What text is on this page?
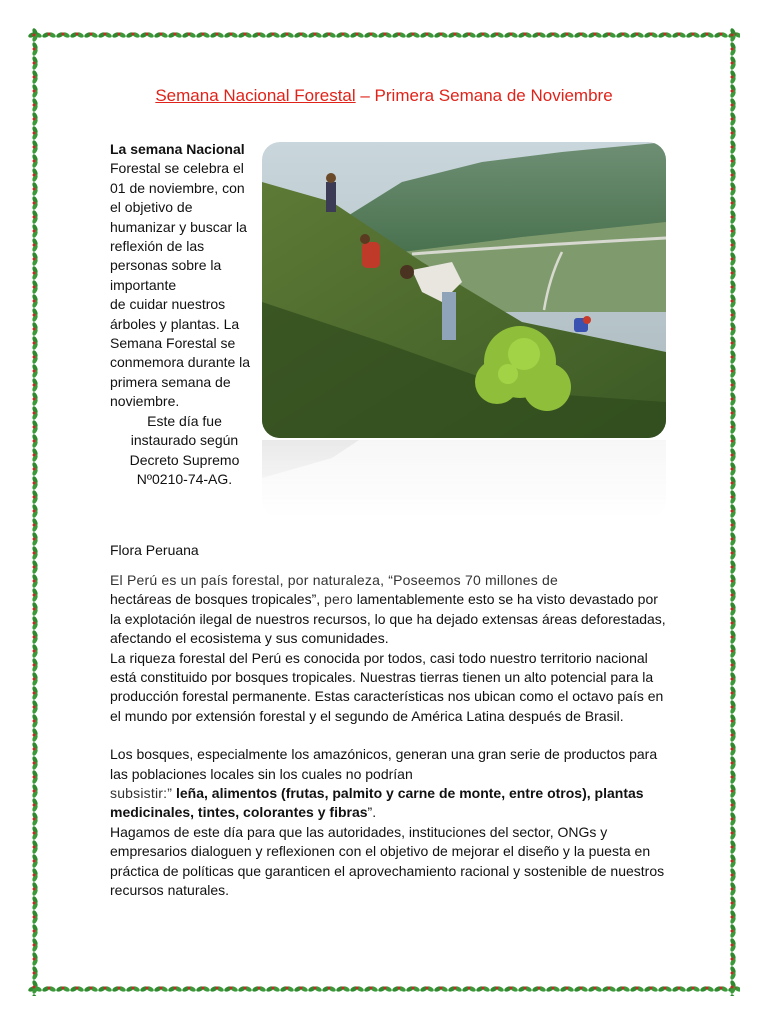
Semana Nacional Forestal – Primera Semana de Noviembre
La semana Nacional
Forestal se celebra el 01 de noviembre, con el objetivo de humanizar y buscar la reflexión de las personas sobre la importante
de cuidar nuestros árboles y plantas. La Semana Forestal se conmemora durante la primera semana de noviembre.
Este día fue instaurado según Decreto Supremo Nº0210-74-AG.
Flora Peruana
El Perú es un país forestal, por naturaleza, “Poseemos 70 millones de
hectáreas de bosques tropicales”, pero lamentablemente esto se ha visto devastado por la explotación ilegal de nuestros recursos, lo que ha dejado extensas áreas deforestadas, afectando el ecosistema y sus comunidades.
La riqueza forestal del Perú es conocida por todos, casi todo nuestro territorio nacional está constituido por bosques tropicales. Nuestras tierras tienen un alto potencial para la producción forestal permanente. Estas características nos ubican como el octavo país en el mundo por extensión forestal y el segundo de América Latina después de Brasil.
Los bosques, especialmente los amazónicos, generan una gran serie de productos para las poblaciones locales sin los cuales no podrían
subsistir:” leña, alimentos (frutas, palmito y carne de monte, entre otros), plantas medicinales, tintes, colorantes y fibras”.
Hagamos de este día para que las autoridades, instituciones del sector, ONGs y empresarios dialoguen y reflexionen con el objetivo de mejorar el diseño y la puesta en práctica de políticas que garanticen el aprovechamiento racional y sostenible de nuestros recursos naturales.
